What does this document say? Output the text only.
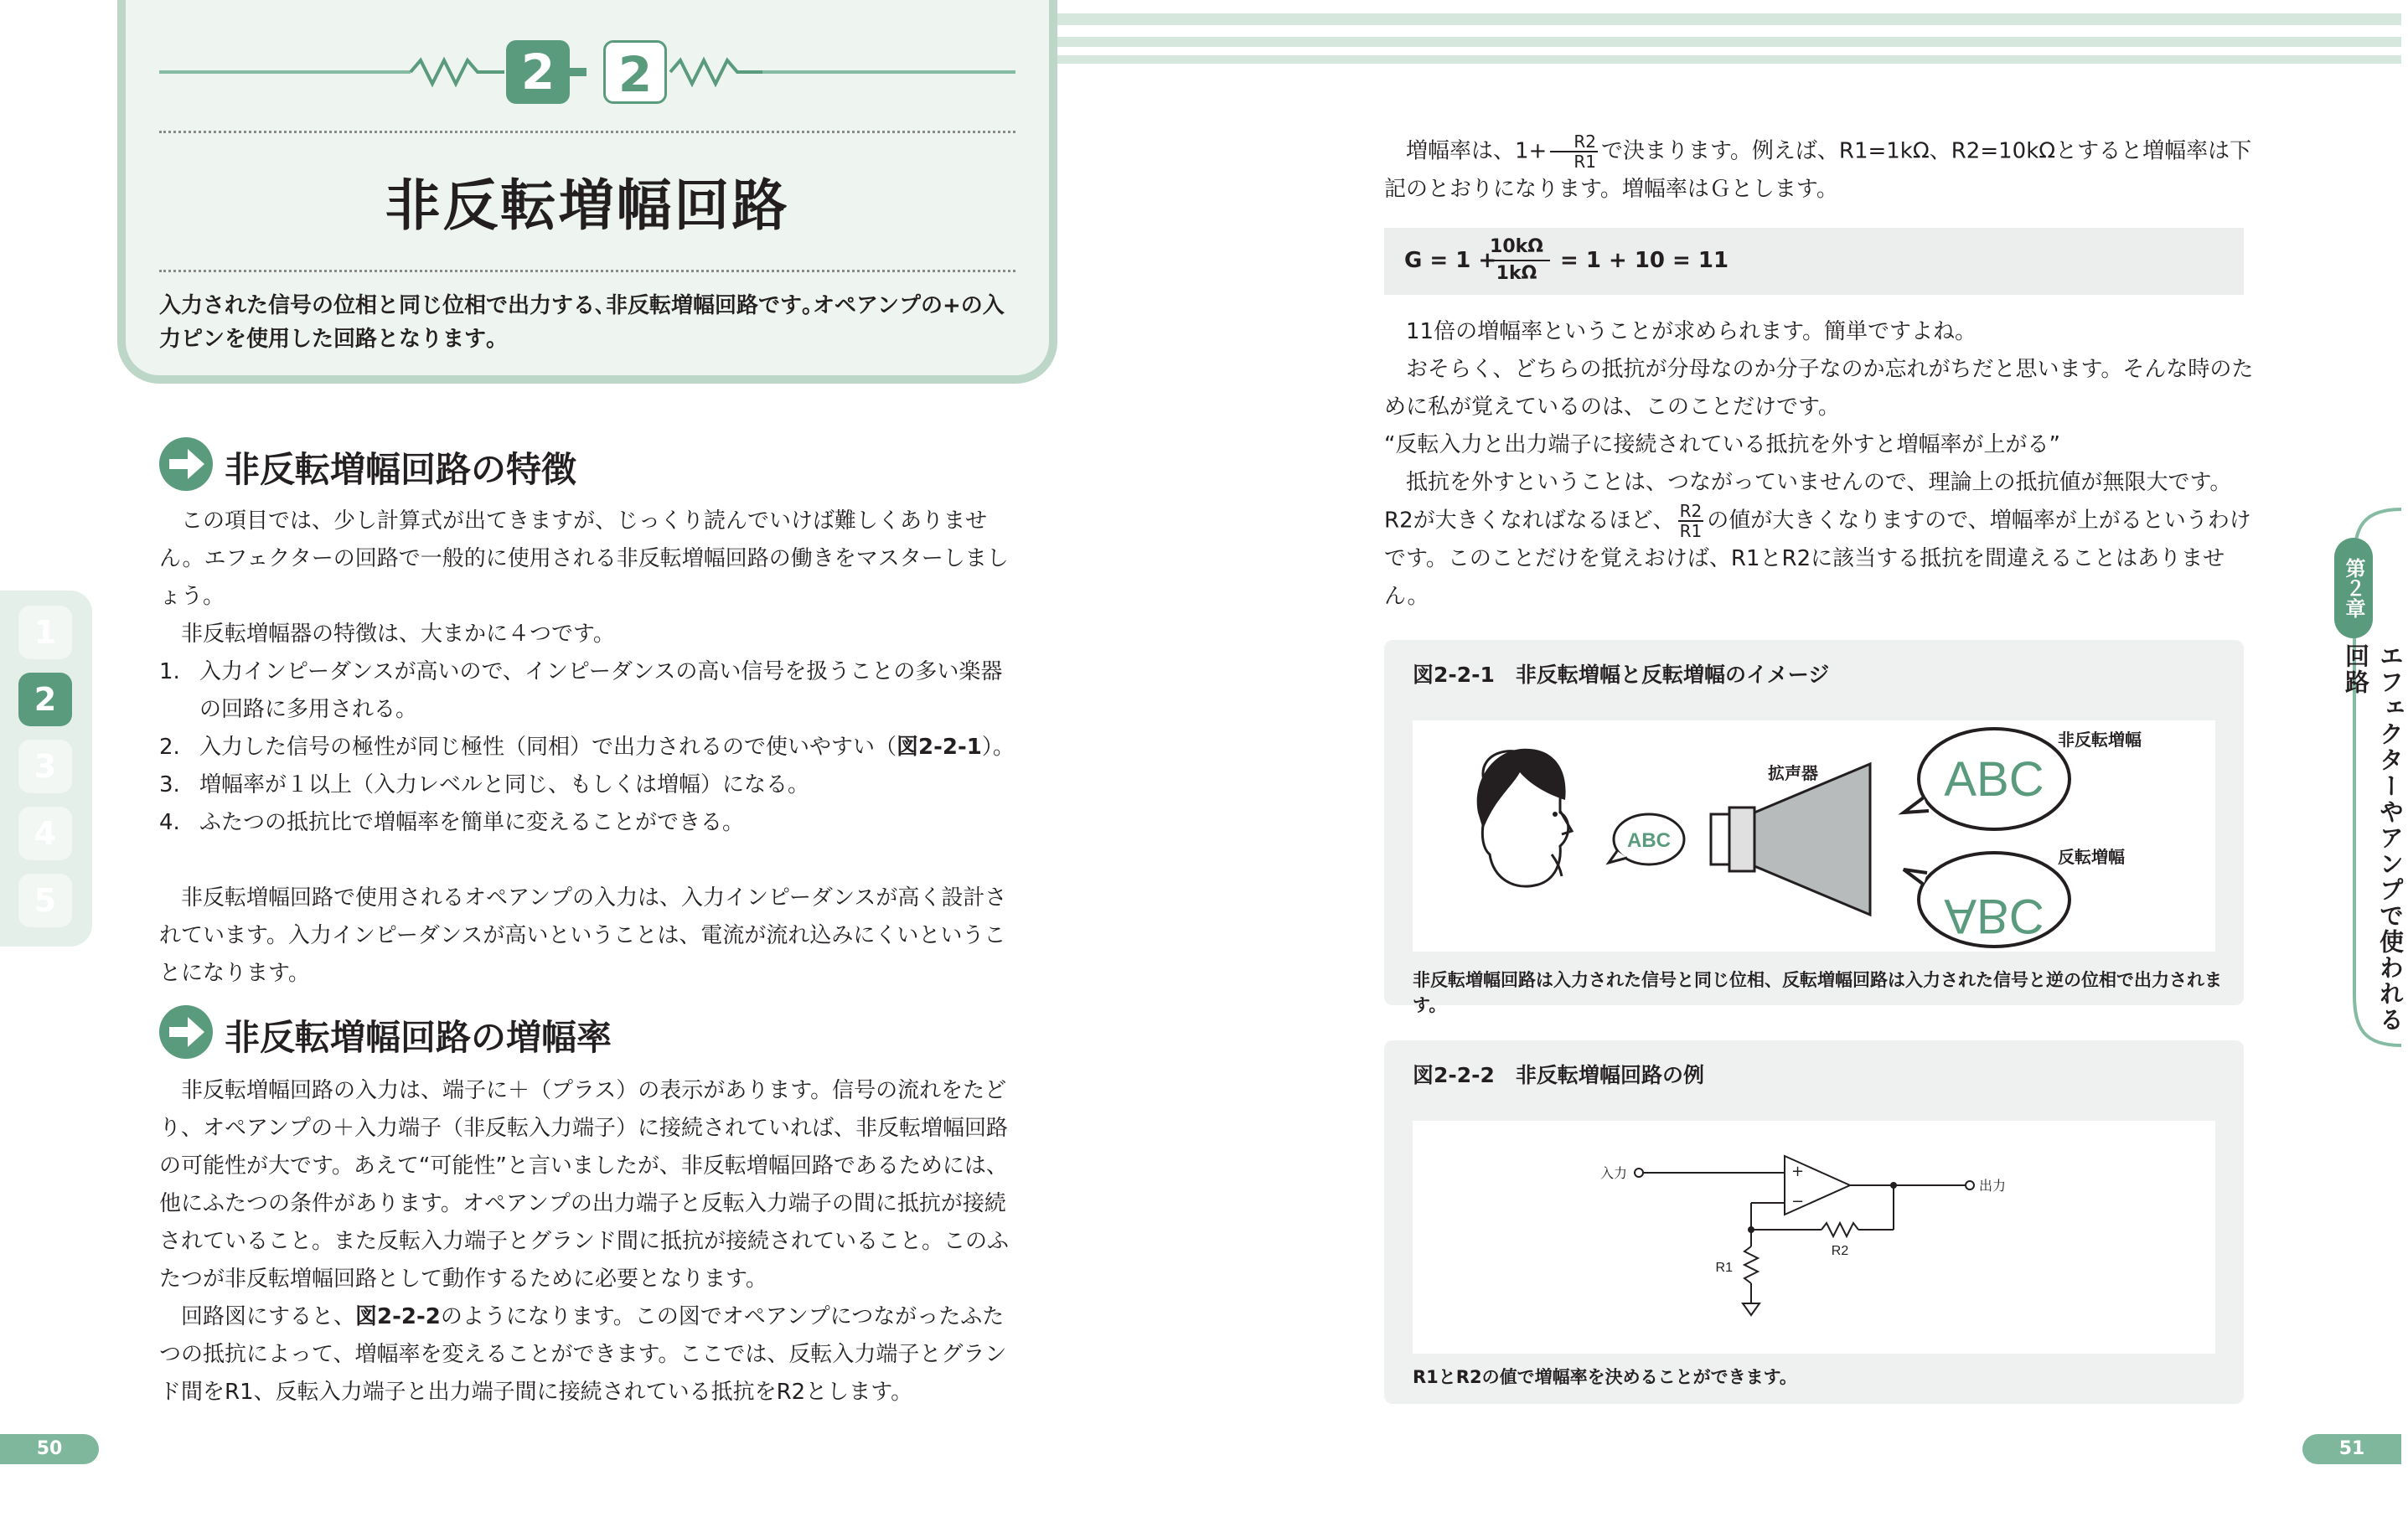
2	2
非反転増幅回路
入力された信号の位相と同じ位相で出力する､非反転増幅回路です｡オペアンプの+の入力ピンを使用した回路となります｡
1
2
3
4
5
非反転増幅回路の特徴

この項目では、少し計算式が出てきますが、じっくり読んでいけば難しくありません。エフェクターの回路で一般的に使用される非反転増幅回路の働きをマスターしましょう。

非反転増幅器の特徴は、大まかに４つです。

1. 入力インピーダンスが高いので、インピーダンスの高い信号を扱うことの多い楽器の回路に多用される。

2. 入力した信号の極性が同じ極性（同相）で出力されるので使いやすい（図2-2-1）。

3. 増幅率が１以上（入力レベルと同じ、もしくは増幅）になる。

4. ふたつの抵抗比で増幅率を簡単に変えることができる。

非反転増幅回路で使用されるオペアンプの入力は、入力インピーダンスが高く設計されています。入力インピーダンスが高いということは、電流が流れ込みにくいということになります。

非反転増幅回路の増幅率

非反転増幅回路の入力は、端子に＋（プラス）の表示があります。信号の流れをたどり、オペアンプの＋入力端子（非反転入力端子）に接続されていれば、非反転増幅回路の可能性が大です。あえて“可能性”と言いましたが、非反転増幅回路であるためには、他にふたつの条件があります。オペアンプの出力端子と反転入力端子の間に抵抗が接続されていること。また反転入力端子とグランド間に抵抗が接続されていること。このふたつが非反転増幅回路として動作するために必要となります。

回路図にすると、図2-2-2のようになります。この図でオペアンプにつながったふたつの抵抗によって、増幅率を変えることができます。ここでは、反転入力端子とグランド間をR1、反転入力端子と出力端子間に接続されている抵抗をR2とします。

増幅率は、$1+ \frac{R2}{R1}$ で決まります。例えば、R1=1kΩ、R2=10kΩとすると増幅率は下記のとおりになります。増幅率はＧとします。

G = 1 +
10kΩ
1kΩ
= 1 + 10 = 11

11倍の増幅率ということが求められます。簡単ですよね。

おそらく、どちらの抵抗が分母なのか分子なのか忘れがちだと思います。そんな時のために私が覚えているのは、このことだけです。

“反転入力と出力端子に接続されている抵抗を外すと増幅率が上がる”

抵抗を外すということは、つながっていませんので、理論上の抵抗値が無限大です。

R2が大きくなればなるほど、 $\frac{R2}{R1}$ の値が大きくなりますので、増幅率が上がるというわけです。このことだけを覚えおけば、R1とR2に該当する抵抗を間違えることはありません。

図2-2-1　非反転増幅と反転増幅のイメージ
ABC
拡声器	ABC
ABC
非反転増幅
反転増幅
非反転増幅回路は入力された信号と同じ位相、反転増幅回路は入力された信号と逆の位相で出力されます。
図2-2-2　非反転増幅回路の例
入力	+
−
出力
R2
R1
R1とR2の値で増幅率を決めることができます。
第２章
エフェクターやアンプで使われる回路
50	51
